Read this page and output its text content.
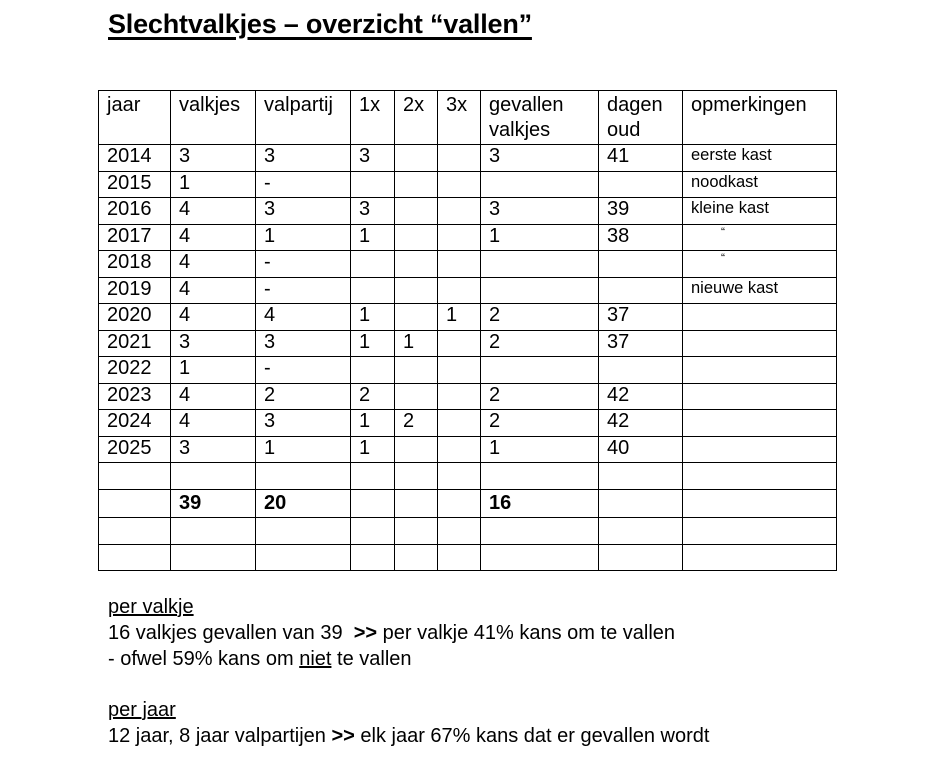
Slechtvalkjes – overzicht “vallen”
jaar	valkjes	valpartij	1x	2x	3x	gevallen valkjes	dagen oud	opmerkingen
2014	3	3	3			3	41	eerste kast
2015	1	-						noodkast
2016	4	3	3			3	39	kleine kast
2017	4	1	1			1	38	“
2018	4	-						“
2019	4	-						nieuwe kast
2020	4	4	1		1	2	37	
2021	3	3	1	1		2	37	
2022	1	-						
2023	4	2	2			2	42	
2024	4	3	1	2		2	42	
2025	3	1	1			1	40	

	39	20				16		

per valkje

16 valkjes gevallen van 39  >> per valkje 41% kans om te vallen

- ofwel 59% kans om niet te vallen

per jaar

12 jaar, 8 jaar valpartijen >> elk jaar 67% kans dat er gevallen wordt
